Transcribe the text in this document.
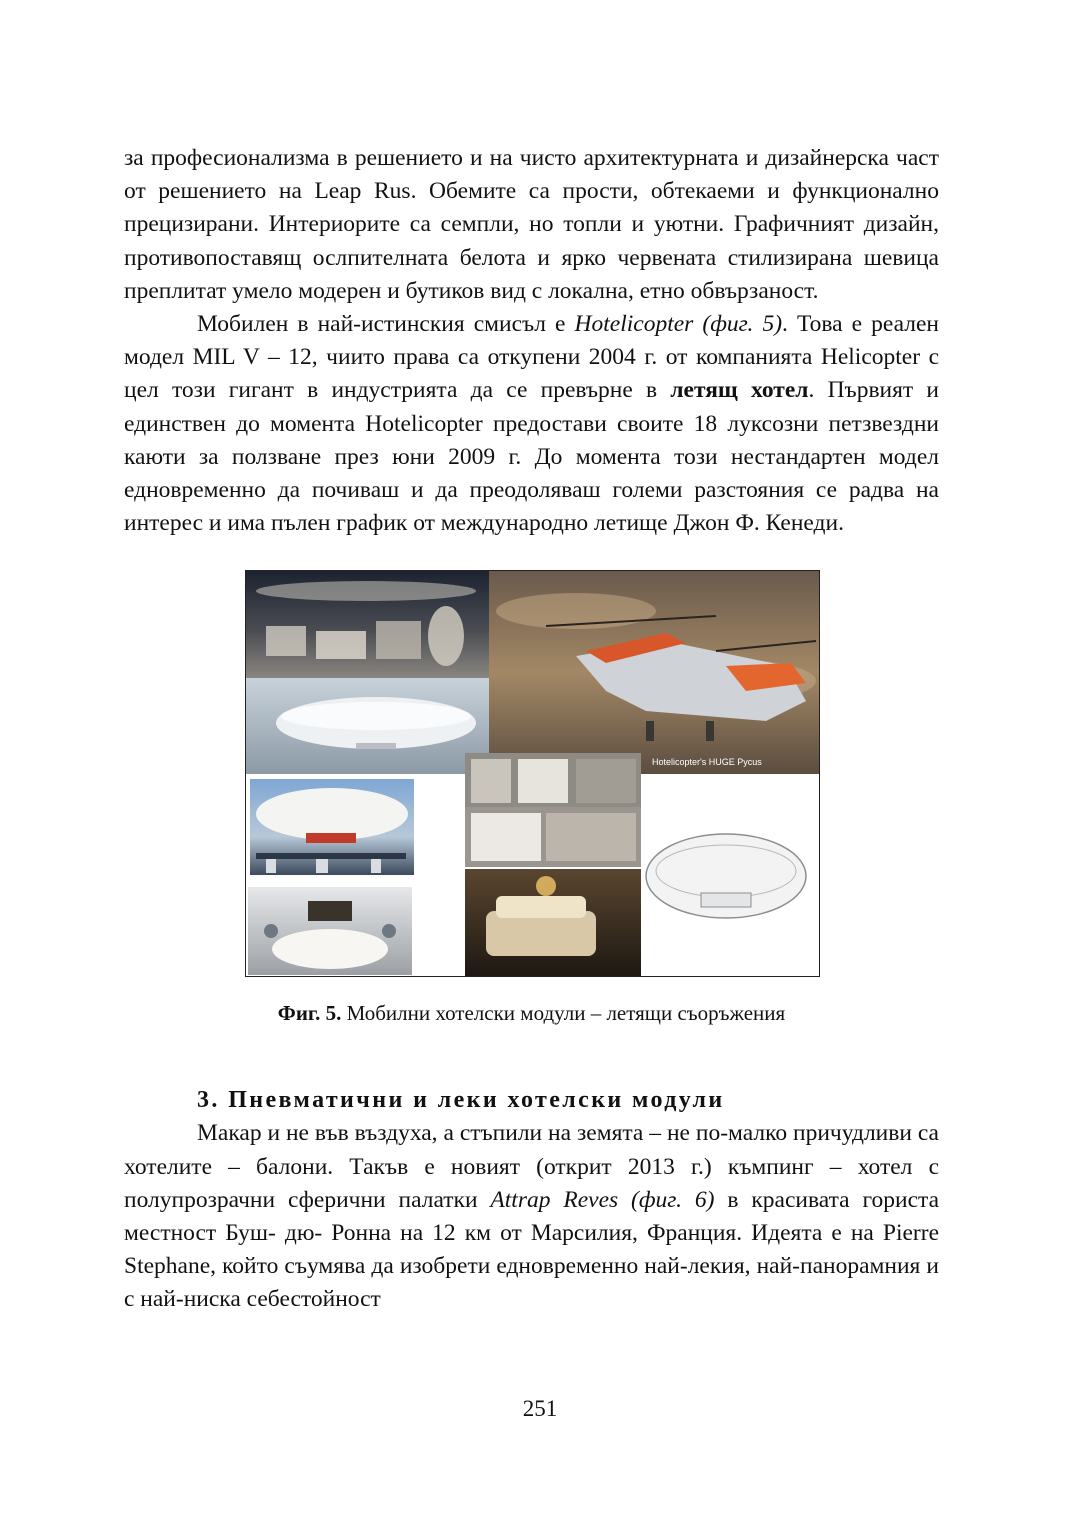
за професионализма в решението и на чисто архитектурната и дизайнерска част от решението на Leap Rus. Обемите са прости, обтекаеми и функционално прецизирани. Интериорите са семпли, но топли и уютни. Графичният дизайн, противопоставящ ослпителната белота и ярко червената стилизирана шевица преплитат умело модерен и бутиков вид с локална, етно обвързаност.

Мобилен в най-истинския смисъл е Hotelicopter (фиг. 5). Това е реален модел MIL V – 12, чиито права са откупени 2004 г. от компанията Helicopter с цел този гигант в индустрията да се превърне в летящ хотел. Първият и единствен до момента Hotelicopter предостави своите 18 луксозни петзвездни каюти за ползване през юни 2009 г. До момента този нестандартен модел едновременно да почиваш и да преодоляваш големи разстояния се радва на интерес и има пълен график от международно летище Джон Ф. Кенеди.

Hotelicopter's HUGE Рycus
Фиг. 5. Мобилни хотелски модули – летящи съоръжения
3. Пневматични и леки хотелски модули

Макар и не във въздуха, а стъпили на земята – не по-малко причудливи са хотелите – балони. Такъв е новият (открит 2013 г.) къмпинг – хотел с полупрозрачни сферични палатки Attrap Reves (фиг. 6) в красивата гориста местност Буш- дю- Ронна на 12 км от Марсилия, Франция. Идеята е на Pierre Stephane, който съумява да изобрети едновременно най-лекия, най-панорамния и с най-ниска себестойност

251
